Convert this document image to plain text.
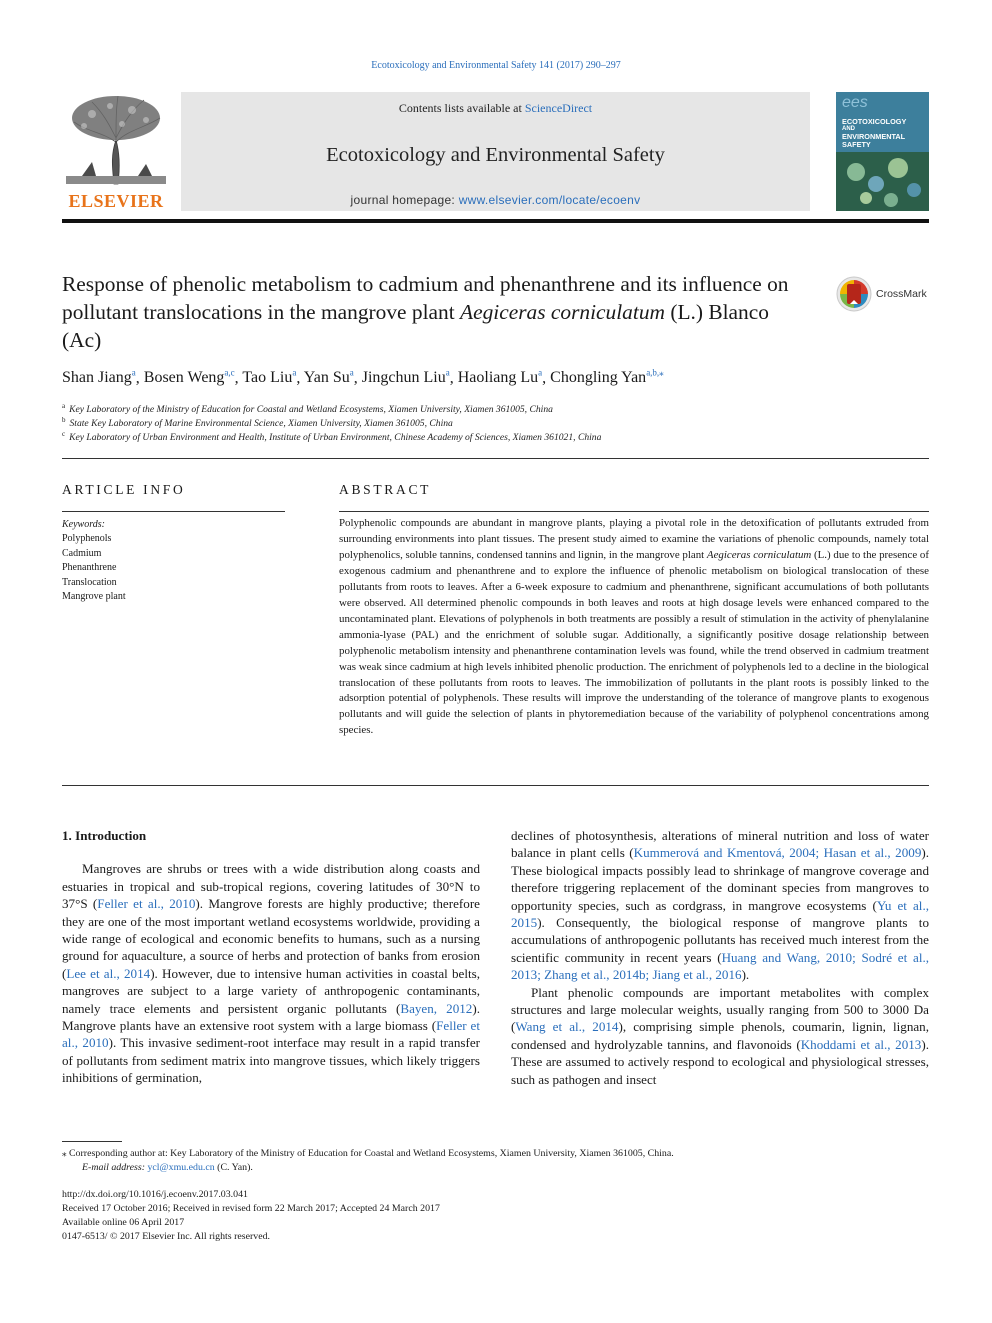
Ecotoxicology and Environmental Safety 141 (2017) 290–297
ELSEVIER
Contents lists available at ScienceDirect
Ecotoxicology and Environmental Safety
journal homepage: www.elsevier.com/locate/ecoenv
ees
ECOTOXICOLOGY
AND
ENVIRONMENTAL
SAFETY
Response of phenolic metabolism to cadmium and phenanthrene and its influence on pollutant translocations in the mangrove plant Aegiceras corniculatum (L.) Blanco (Ac)
CrossMark
Shan Jiang$^a$, Bosen Weng$^{a,c}$, Tao Liu$^a$, Yan Su$^a$, Jingchun Liu$^a$, Haoliang Lu$^a$, Chongling Yan$^{a,b,⁎}$
$^a$ Key Laboratory of the Ministry of Education for Coastal and Wetland Ecosystems, Xiamen University, Xiamen 361005, China
$^b$ State Key Laboratory of Marine Environmental Science, Xiamen University, Xiamen 361005, China
$^c$ Key Laboratory of Urban Environment and Health, Institute of Urban Environment, Chinese Academy of Sciences, Xiamen 361021, China
ARTICLE INFO
Keywords:
Polyphenols
Cadmium
Phenanthrene
Translocation
Mangrove plant
ABSTRACT
Polyphenolic compounds are abundant in mangrove plants, playing a pivotal role in the detoxification of pollutants extruded from surrounding environments into plant tissues. The present study aimed to examine the variations of phenolic compounds, namely total polyphenolics, soluble tannins, condensed tannins and lignin, in the mangrove plant Aegiceras corniculatum (L.) due to the presence of exogenous cadmium and phenanthrene and to explore the influence of phenolic metabolism on biological translocation of these pollutants from roots to leaves. After a 6-week exposure to cadmium and phenanthrene, significant accumulations of both pollutants were observed. All determined phenolic compounds in both leaves and roots at high dosage levels were enhanced compared to the uncontaminated plant. Elevations of polyphenols in both treatments are possibly a result of stimulation in the activity of phenylalanine ammonia-lyase (PAL) and the enrichment of soluble sugar. Additionally, a significantly positive dosage relationship between polyphenolic metabolism intensity and phenanthrene contamination levels was found, while the trend observed in cadmium treatment was weak since cadmium at high levels inhibited phenolic production. The enrichment of polyphenols led to a decline in the biological translocation of these pollutants from roots to leaves. The immobilization of pollutants in the plant roots is possibly linked to the adsorption potential of polyphenols. These results will improve the understanding of the tolerance of mangrove plants to exogenous pollutants and will guide the selection of plants in phytoremediation because of the variability of polyphenol concentrations among species.
1. Introduction

Mangroves are shrubs or trees with a wide distribution along coasts and estuaries in tropical and sub-tropical regions, covering latitudes of 30°N to 37°S (Feller et al., 2010). Mangrove forests are highly productive; therefore they are one of the most important wetland ecosystems worldwide, providing a wide range of ecological and economic benefits to humans, such as a nursing ground for aquaculture, a source of herbs and protection of banks from erosion (Lee et al., 2014). However, due to intensive human activities in coastal belts, mangroves are subject to a large variety of anthropogenic contaminants, namely trace elements and persistent organic pollutants (Bayen, 2012). Mangrove plants have an extensive root system with a large biomass (Feller et al., 2010). This invasive sediment-root interface may result in a rapid transfer of pollutants from sediment matrix into mangrove tissues, which likely triggers inhibitions of germination,

declines of photosynthesis, alterations of mineral nutrition and loss of water balance in plant cells (Kummerová and Kmentová, 2004; Hasan et al., 2009). These biological impacts possibly lead to shrinkage of mangrove coverage and therefore triggering replacement of the dominant species from mangroves to opportunity species, such as cordgrass, in mangrove ecosystems (Yu et al., 2015). Consequently, the biological response of mangrove plants to accumulations of anthropogenic pollutants has received much interest from the scientific community in recent years (Huang and Wang, 2010; Sodré et al., 2013; Zhang et al., 2014b; Jiang et al., 2016).

Plant phenolic compounds are important metabolites with complex structures and large molecular weights, usually ranging from 500 to 3000 Da (Wang et al., 2014), comprising simple phenols, coumarin, lignin, lignan, condensed and hydrolyzable tannins, and flavonoids (Khoddami et al., 2013). These are assumed to actively respond to ecological and physiological stresses, such as pathogen and insect

⁎ Corresponding author at: Key Laboratory of the Ministry of Education for Coastal and Wetland Ecosystems, Xiamen University, Xiamen 361005, China.
E-mail address: ycl@xmu.edu.cn (C. Yan).
http://dx.doi.org/10.1016/j.ecoenv.2017.03.041
Received 17 October 2016; Received in revised form 22 March 2017; Accepted 24 March 2017
Available online 06 April 2017
0147-6513/ © 2017 Elsevier Inc. All rights reserved.
